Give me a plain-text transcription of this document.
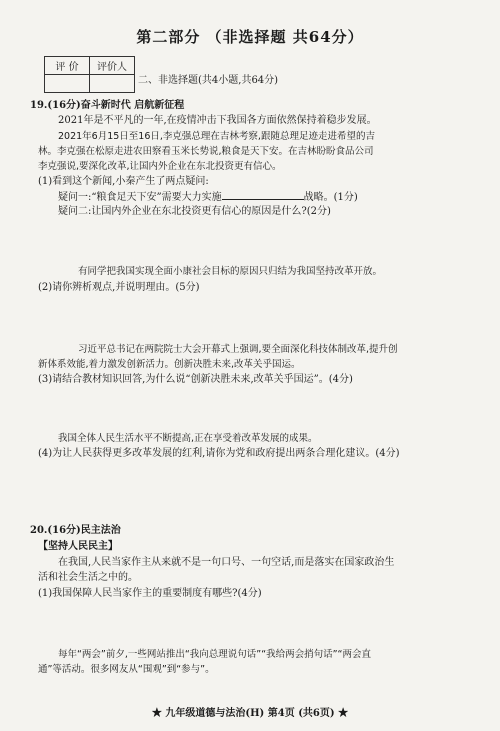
第二部分 （非选择题 共64分）
评 价	评价人

二、非选择题(共4小题,共64分)
19.(16分)奋斗新时代 启航新征程
2021年是不平凡的一年,在疫情冲击下我国各方面依然保持着稳步发展。
2021年6月15日至16日,李克强总理在吉林考察,跟随总理足迹走进希望的吉
林。李克强在松原走进农田察看玉米长势说,粮食是天下安。在吉林盼盼食品公司
李克强说,要深化改革,让国内外企业在东北投资更有信心。
(1)看到这个新闻,小秦产生了两点疑问:
疑问一:“粮食足天下安”需要大力实施	战略。(1分)
疑问二:让国内外企业在东北投资更有信心的原因是什么?(2分)
有同学把我国实现全面小康社会目标的原因只归结为我国坚持改革开放。
(2)请你辨析观点,并说明理由。(5分)
习近平总书记在两院院士大会开幕式上强调,要全面深化科技体制改革,提升创
新体系效能,着力激发创新活力。创新决胜未来,改革关乎国运。
(3)请结合教材知识回答,为什么说“创新决胜未来,改革关乎国运”。(4分)
我国全体人民生活水平不断提高,正在享受着改革发展的成果。
(4)为让人民获得更多改革发展的红利,请你为党和政府提出两条合理化建议。(4分)
20.(16分)民主法治
【坚持人民民主】
在我国,人民当家作主从来就不是一句口号、一句空话,而是落实在国家政治生
活和社会生活之中的。
(1)我国保障人民当家作主的重要制度有哪些?(4分)
每年“两会”前夕,一些网站推出“我向总理说句话”“我给两会捎句话”“两会直
通”等活动。很多网友从“围观”到“参与”。
★ 九年级道德与法治(H) 第4页 (共6页) ★
